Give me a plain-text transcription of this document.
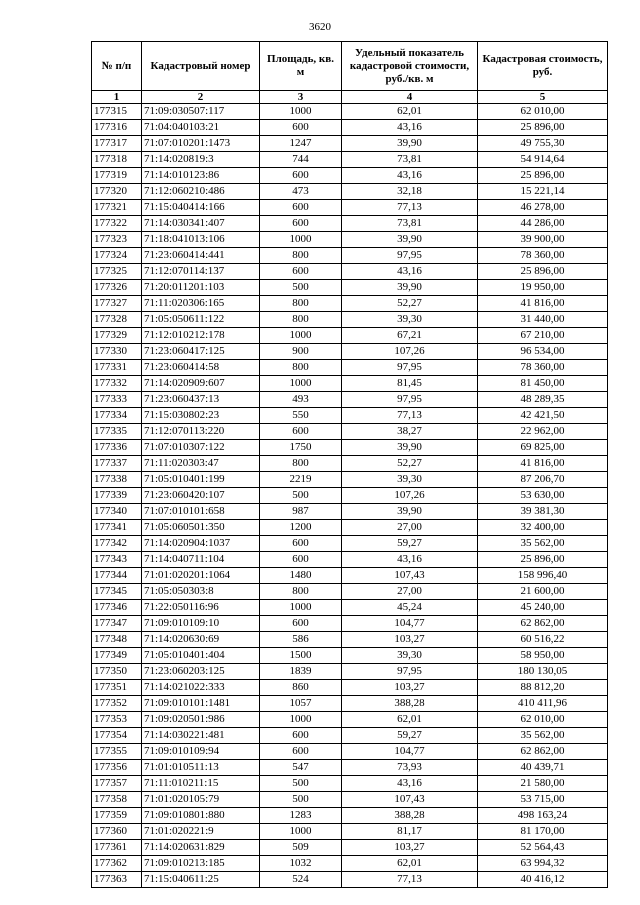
3620
№ п/п	Кадастровый номер	Площадь, кв. м	Удельный показатель кадастровой стоимости, руб./кв. м	Кадастровая стоимость, руб.
1	2	3	4	5
177315	71:09:030507:117	1000	62,01	62 010,00
177316	71:04:040103:21	600	43,16	25 896,00
177317	71:07:010201:1473	1247	39,90	49 755,30
177318	71:14:020819:3	744	73,81	54 914,64
177319	71:14:010123:86	600	43,16	25 896,00
177320	71:12:060210:486	473	32,18	15 221,14
177321	71:15:040414:166	600	77,13	46 278,00
177322	71:14:030341:407	600	73,81	44 286,00
177323	71:18:041013:106	1000	39,90	39 900,00
177324	71:23:060414:441	800	97,95	78 360,00
177325	71:12:070114:137	600	43,16	25 896,00
177326	71:20:011201:103	500	39,90	19 950,00
177327	71:11:020306:165	800	52,27	41 816,00
177328	71:05:050611:122	800	39,30	31 440,00
177329	71:12:010212:178	1000	67,21	67 210,00
177330	71:23:060417:125	900	107,26	96 534,00
177331	71:23:060414:58	800	97,95	78 360,00
177332	71:14:020909:607	1000	81,45	81 450,00
177333	71:23:060437:13	493	97,95	48 289,35
177334	71:15:030802:23	550	77,13	42 421,50
177335	71:12:070113:220	600	38,27	22 962,00
177336	71:07:010307:122	1750	39,90	69 825,00
177337	71:11:020303:47	800	52,27	41 816,00
177338	71:05:010401:199	2219	39,30	87 206,70
177339	71:23:060420:107	500	107,26	53 630,00
177340	71:07:010101:658	987	39,90	39 381,30
177341	71:05:060501:350	1200	27,00	32 400,00
177342	71:14:020904:1037	600	59,27	35 562,00
177343	71:14:040711:104	600	43,16	25 896,00
177344	71:01:020201:1064	1480	107,43	158 996,40
177345	71:05:050303:8	800	27,00	21 600,00
177346	71:22:050116:96	1000	45,24	45 240,00
177347	71:09:010109:10	600	104,77	62 862,00
177348	71:14:020630:69	586	103,27	60 516,22
177349	71:05:010401:404	1500	39,30	58 950,00
177350	71:23:060203:125	1839	97,95	180 130,05
177351	71:14:021022:333	860	103,27	88 812,20
177352	71:09:010101:1481	1057	388,28	410 411,96
177353	71:09:020501:986	1000	62,01	62 010,00
177354	71:14:030221:481	600	59,27	35 562,00
177355	71:09:010109:94	600	104,77	62 862,00
177356	71:01:010511:13	547	73,93	40 439,71
177357	71:11:010211:15	500	43,16	21 580,00
177358	71:01:020105:79	500	107,43	53 715,00
177359	71:09:010801:880	1283	388,28	498 163,24
177360	71:01:020221:9	1000	81,17	81 170,00
177361	71:14:020631:829	509	103,27	52 564,43
177362	71:09:010213:185	1032	62,01	63 994,32
177363	71:15:040611:25	524	77,13	40 416,12
